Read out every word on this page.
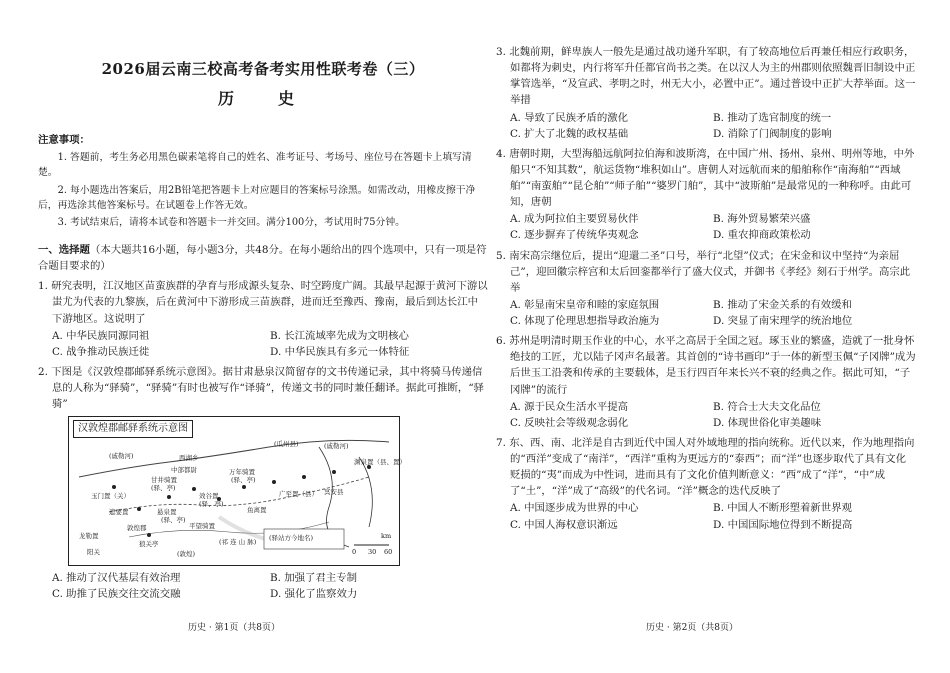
2026届云南三校高考备考实用性联考卷（三）
历　史
注意事项：

1. 答题前，考生务必用黑色碳素笔将自己的姓名、准考证号、考场号、座位号在答题卡上填写清楚。

2. 每小题选出答案后，用2B铅笔把答题卡上对应题目的答案标号涂黑。如需改动，用橡皮擦干净后，再选涂其他答案标号。在试题卷上作答无效。

3. 考试结束后，请将本试卷和答题卡一并交回。满分100分，考试用时75分钟。

一、选择题（本大题共16小题，每小题3分，共48分。在每小题给出的四个选项中，只有一项是符合题目要求的）
1. 研究表明，江汉地区苗蛮族群的孕育与形成源头复杂、时空跨度广阔。其最早起源于黄河下游以蚩尤为代表的九黎族，后在黄河中下游形成三苗族群，进而迁至豫西、豫南，最后到达长江中下游地区。这说明了
A. 中华民族同源同祖	B. 长江流域率先成为文明核心
C. 战争推动民族迁徙	D. 中华民族具有多元一体特征
2. 下图是《汉敦煌郡邮驿系统示意图》。据甘肃悬泉汉简留存的文书传递记录，其中将骑马传递信息的人称为“驿骑”，“驿骑”有时也被写作“译骑”，传递文书的同时兼任翻译。据此可推断，“驿骑”
汉敦煌郡邮驿系统示意图
(戚勒河)
(瓜州县)	(戚勒河)
西湖乡
中部都尉
甘井骑置
(驿、亭)
万年骑置
(驿、亭)
玉门置（关）	效谷置
(驿、亭)
广至置（县）
渊泉置（县、置）
冥安县
遮要置	悬泉置
(驿、亭)
鱼离置
敦煌郡	平望骑置
龙勒置
阳关
狼关亭	(祁 连 山 脉)
(敦煌)
(驿站方今地名)	km
0 30 60
A. 推动了汉代基层有效治理	B. 加强了君主专制
C. 助推了民族交往交流交融	D. 强化了监察效力
历史 · 第1页（共8页）
3. 北魏前期，鲜卑族人一般先是通过战功递升军职，有了较高地位后再兼任相应行政职务，如都将为刺史，内行将军升任都官尚书之类。在以汉人为主的州郡则依照魏晋旧制设中正掌管选举，“及宣武、孝明之时，州无大小，必置中正”。通过普设中正扩大荐举面。这一举措
A. 导致了民族矛盾的激化	B. 推动了选官制度的统一
C. 扩大了北魏的政权基础	D. 消除了门阀制度的影响
4. 唐朝时期，大型海船远航阿拉伯海和波斯湾，在中国广州、扬州、泉州、明州等地，中外船只“不知其数”，航运货物“堆积如山”。唐朝人对远航而来的船舶称作“南海舶”“西域舶”“南蛮舶”“昆仑舶”“师子舶”“婆罗门舶”，其中“波斯舶”是最常见的一种称呼。由此可知，唐朝
A. 成为阿拉伯主要贸易伙伴	B. 海外贸易繁荣兴盛
C. 逐步摒弃了传统华夷观念	D. 重农抑商政策松动
5. 南宋高宗继位后，提出“迎還二圣”口号，举行“北望”仪式；在宋金和议中坚持“为亲屈己”，迎回徽宗梓宫和太后回銮都举行了盛大仪式，并御书《孝经》刻石于州学。高宗此举
A. 彰显南宋皇帝和睦的家庭氛围	B. 推动了宋金关系的有效缓和
C. 体现了伦理思想指导政治施为	D. 突显了南宋理学的统治地位
6. 苏州是明清时期玉作业的中心，水平之高居于全国之冠。琢玉业的繁盛，造就了一批身怀绝技的工匠，尤以陆子冈声名最著。其首创的“诗书画印”于一体的新型玉佩“子冈牌”成为后世玉工沿袭和传承的主要载体，是玉行四百年来长兴不衰的经典之作。据此可知，“子冈牌”的流行
A. 源于民众生活水平提高	B. 符合士大夫文化品位
C. 反映社会等级观念弱化	D. 体现世俗化审美趣味
7. 东、西、南、北洋是自古到近代中国人对外域地理的指向统称。近代以来，作为地理指向的“西洋”变成了“南洋”，“西洋”重构为更远方的“泰西”；而“洋”也逐步取代了具有文化贬损的“夷”而成为中性词，进而具有了文化价值判断意义：“西”成了“洋”，“中”成了“土”，“洋”成了“高级”的代名词。“洋”概念的迭代反映了
A. 中国逐步成为世界的中心	B. 中国人不断形塑着新世界观
C. 中国人海权意识渐远	D. 中国国际地位得到不断提高
历史 · 第2页（共8页）
